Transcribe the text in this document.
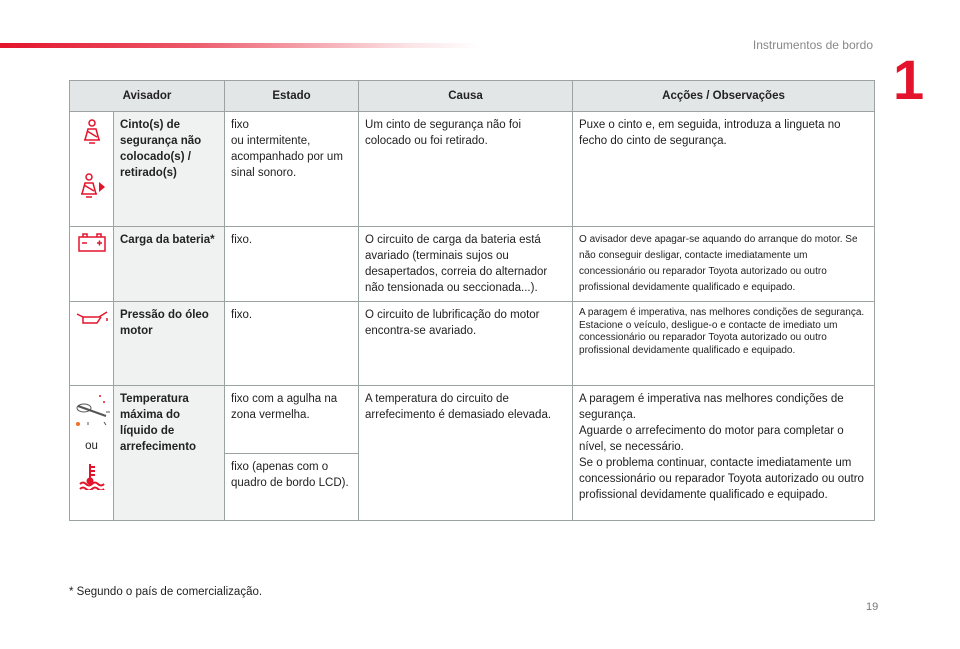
Instrumentos de bordo
1
Avisador		Estado	Causa	Acções / Observações

	Cinto(s) de segurança não colocado(s) / retirado(s)	fixo
ou intermitente,
acompanhado por um sinal sonoro.	Um cinto de segurança não foi colocado ou foi retirado.	Puxe o cinto e, em seguida, introduza a lingueta no fecho do cinto de segurança.

	Carga da bateria*	fixo.	O circuito de carga da bateria está avariado (terminais sujos ou desapertados, correia do alternador não tensionada ou seccionada...).	O avisador deve apagar-se aquando do arranque do motor. Se não conseguir desligar, contacte imediatamente um concessionário ou reparador Toyota autorizado ou outro profissional devidamente qualificado e equipado.

	Pressão do óleo motor	fixo.	O circuito de lubrificação do motor encontra-se avariado.	A paragem é imperativa, nas melhores condições de segurança.
Estacione o veículo, desligue-o e contacte de imediato um concessionário ou reparador Toyota autorizado ou outro profissional devidamente qualificado e equipado.

ou	Temperatura máxima do líquido de arrefecimento	fixo com a agulha na zona vermelha.	A temperatura do circuito de arrefecimento é demasiado elevada.	A paragem é imperativa nas melhores condições de segurança.
Aguarde o arrefecimento do motor para completar o nível, se necessário.
Se o problema continuar, contacte imediatamente um concessionário ou reparador Toyota autorizado ou outro profissional devidamente qualificado e equipado.
		fixo (apenas com o quadro de bordo LCD).		
* Segundo o país de comercialização.
19
